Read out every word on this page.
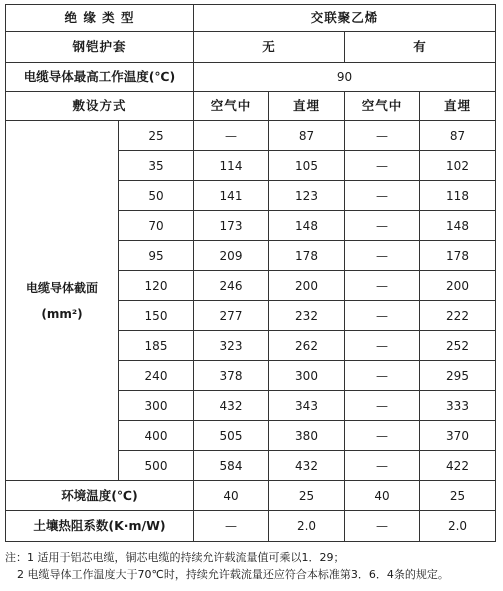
绝 缘 类 型		交联聚乙烯			
钢铠护套		无		有	
电缆导体最高工作温度(℃)		90			
敷设方式		空气中	直埋	空气中	直埋

电缆导体截面
(mm²)	25	—	87	—	87
	35	114	105	—	102
	50	141	123	—	118
	70	173	148	—	148
	95	209	178	—	178
	120	246	200	—	200
	150	277	232	—	222
	185	323	262	—	252
	240	378	300	—	295
	300	432	343	—	333
	400	505	380	—	370
	500	584	432	—	422
环境温度(℃)		40	25	40	25
土壤热阻系数(K·m/W)		—	2.0	—	2.0
注：1 适用于铝芯电缆，铜芯电缆的持续允许载流量值可乘以1．29；
2 电缆导体工作温度大于70℃时，持续允许载流量还应符合本标准第3．6．4条的规定。
